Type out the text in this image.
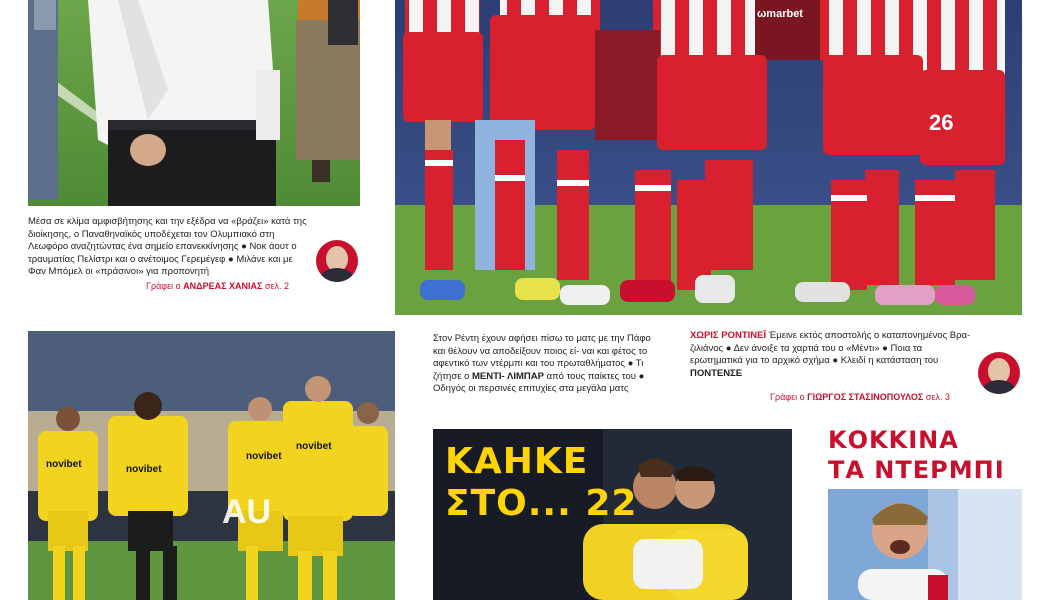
ωmarbet
26
Μέσα σε κλίμα αμφισβήτησης και την εξέδρα να «βράζει» κατά της διοίκησης, ο Παναθηναϊκός υποδέχεται τον Ολυμπιακό στη Λεωφόρο αναζητώντας ένα σημείο επανεκκίνησης ● Νοκ άουτ ο τραυματίας Πελίστρι και ο ανέτοιμος Γερεμέγεφ ● Μιλάνε και με Φαν Μπόμελ οι «πράσινοι» για προπονητή
Γράφει ο ΑΝΔΡΕΑΣ ΧΑΝΙΑΣ σελ. 2
Στον Ρέντη έχουν αφήσει πίσω το ματς με την Πάφο και θέλουν να αποδείξουν ποιος εί- ναι και φέτος το αφεντικό των ντέρμπι και του πρωταθλήματος ● Τι ζήτησε ο ΜΕΝΤΙ- ΛΙΜΠΑΡ από τους παίκτες του ● Οδηγός οι περσινές επιτυχίες στα μεγάλα ματς
ΧΩΡΙΣ ΡΟΝΤΙΝΕΪ Έμεινε εκτός αποστολής ο καταπονημένος Βρα- ζιλιάνος ● Δεν άνοιξε τα χαρτιά του ο «Μέντι» ● Ποια τα ερωτηματικά για το αρχικό σχήμα ● Κλειδί η κατάσταση του ΠΟΝΤΕΝΣΕ
Γράφει ο ΓΙΩΡΓΟΣ ΣΤΑΣΙΝΟΠΟΥΛΟΣ σελ. 3
AU
novibet	novibet
novibet
novibet	ΚΑΗΚΕ
ΣΤΟ... 22
ΚΟΚΚΙΝΑ
ΤΑ ΝΤΕΡΜΠΙ
